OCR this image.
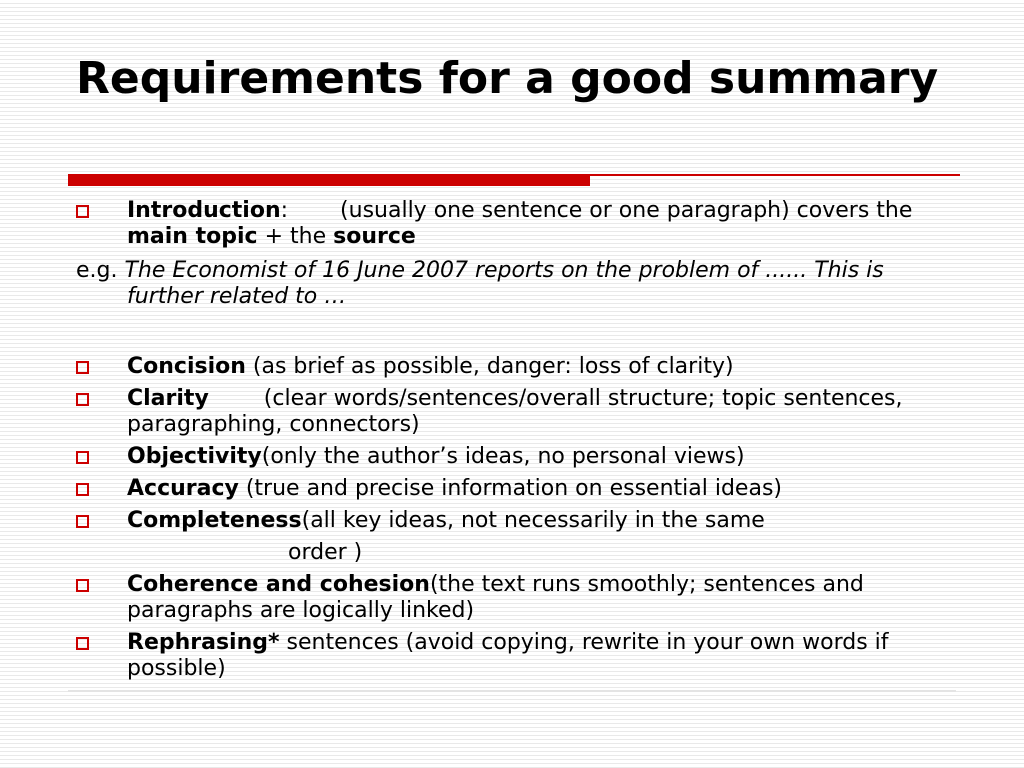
Requirements for a good summary
Introduction: (usually one sentence or one paragraph) covers the main topic + the source
e.g. The Economist of 16 June 2007 reports on the problem of ...... This is further related to …
Concision (as brief as possible, danger: loss of clarity)
Clarity	(clear words/sentences/overall structure; topic sentences, paragraphing, connectors)
Objectivity(only the author’s ideas, no personal views)
Accuracy (true and precise information on essential ideas)
Completeness(all key ideas, not necessarily in the same
order )
Coherence and cohesion(the text runs smoothly; sentences and paragraphs are logically linked)
Rephrasing* sentences (avoid copying, rewrite in your own words if possible)
